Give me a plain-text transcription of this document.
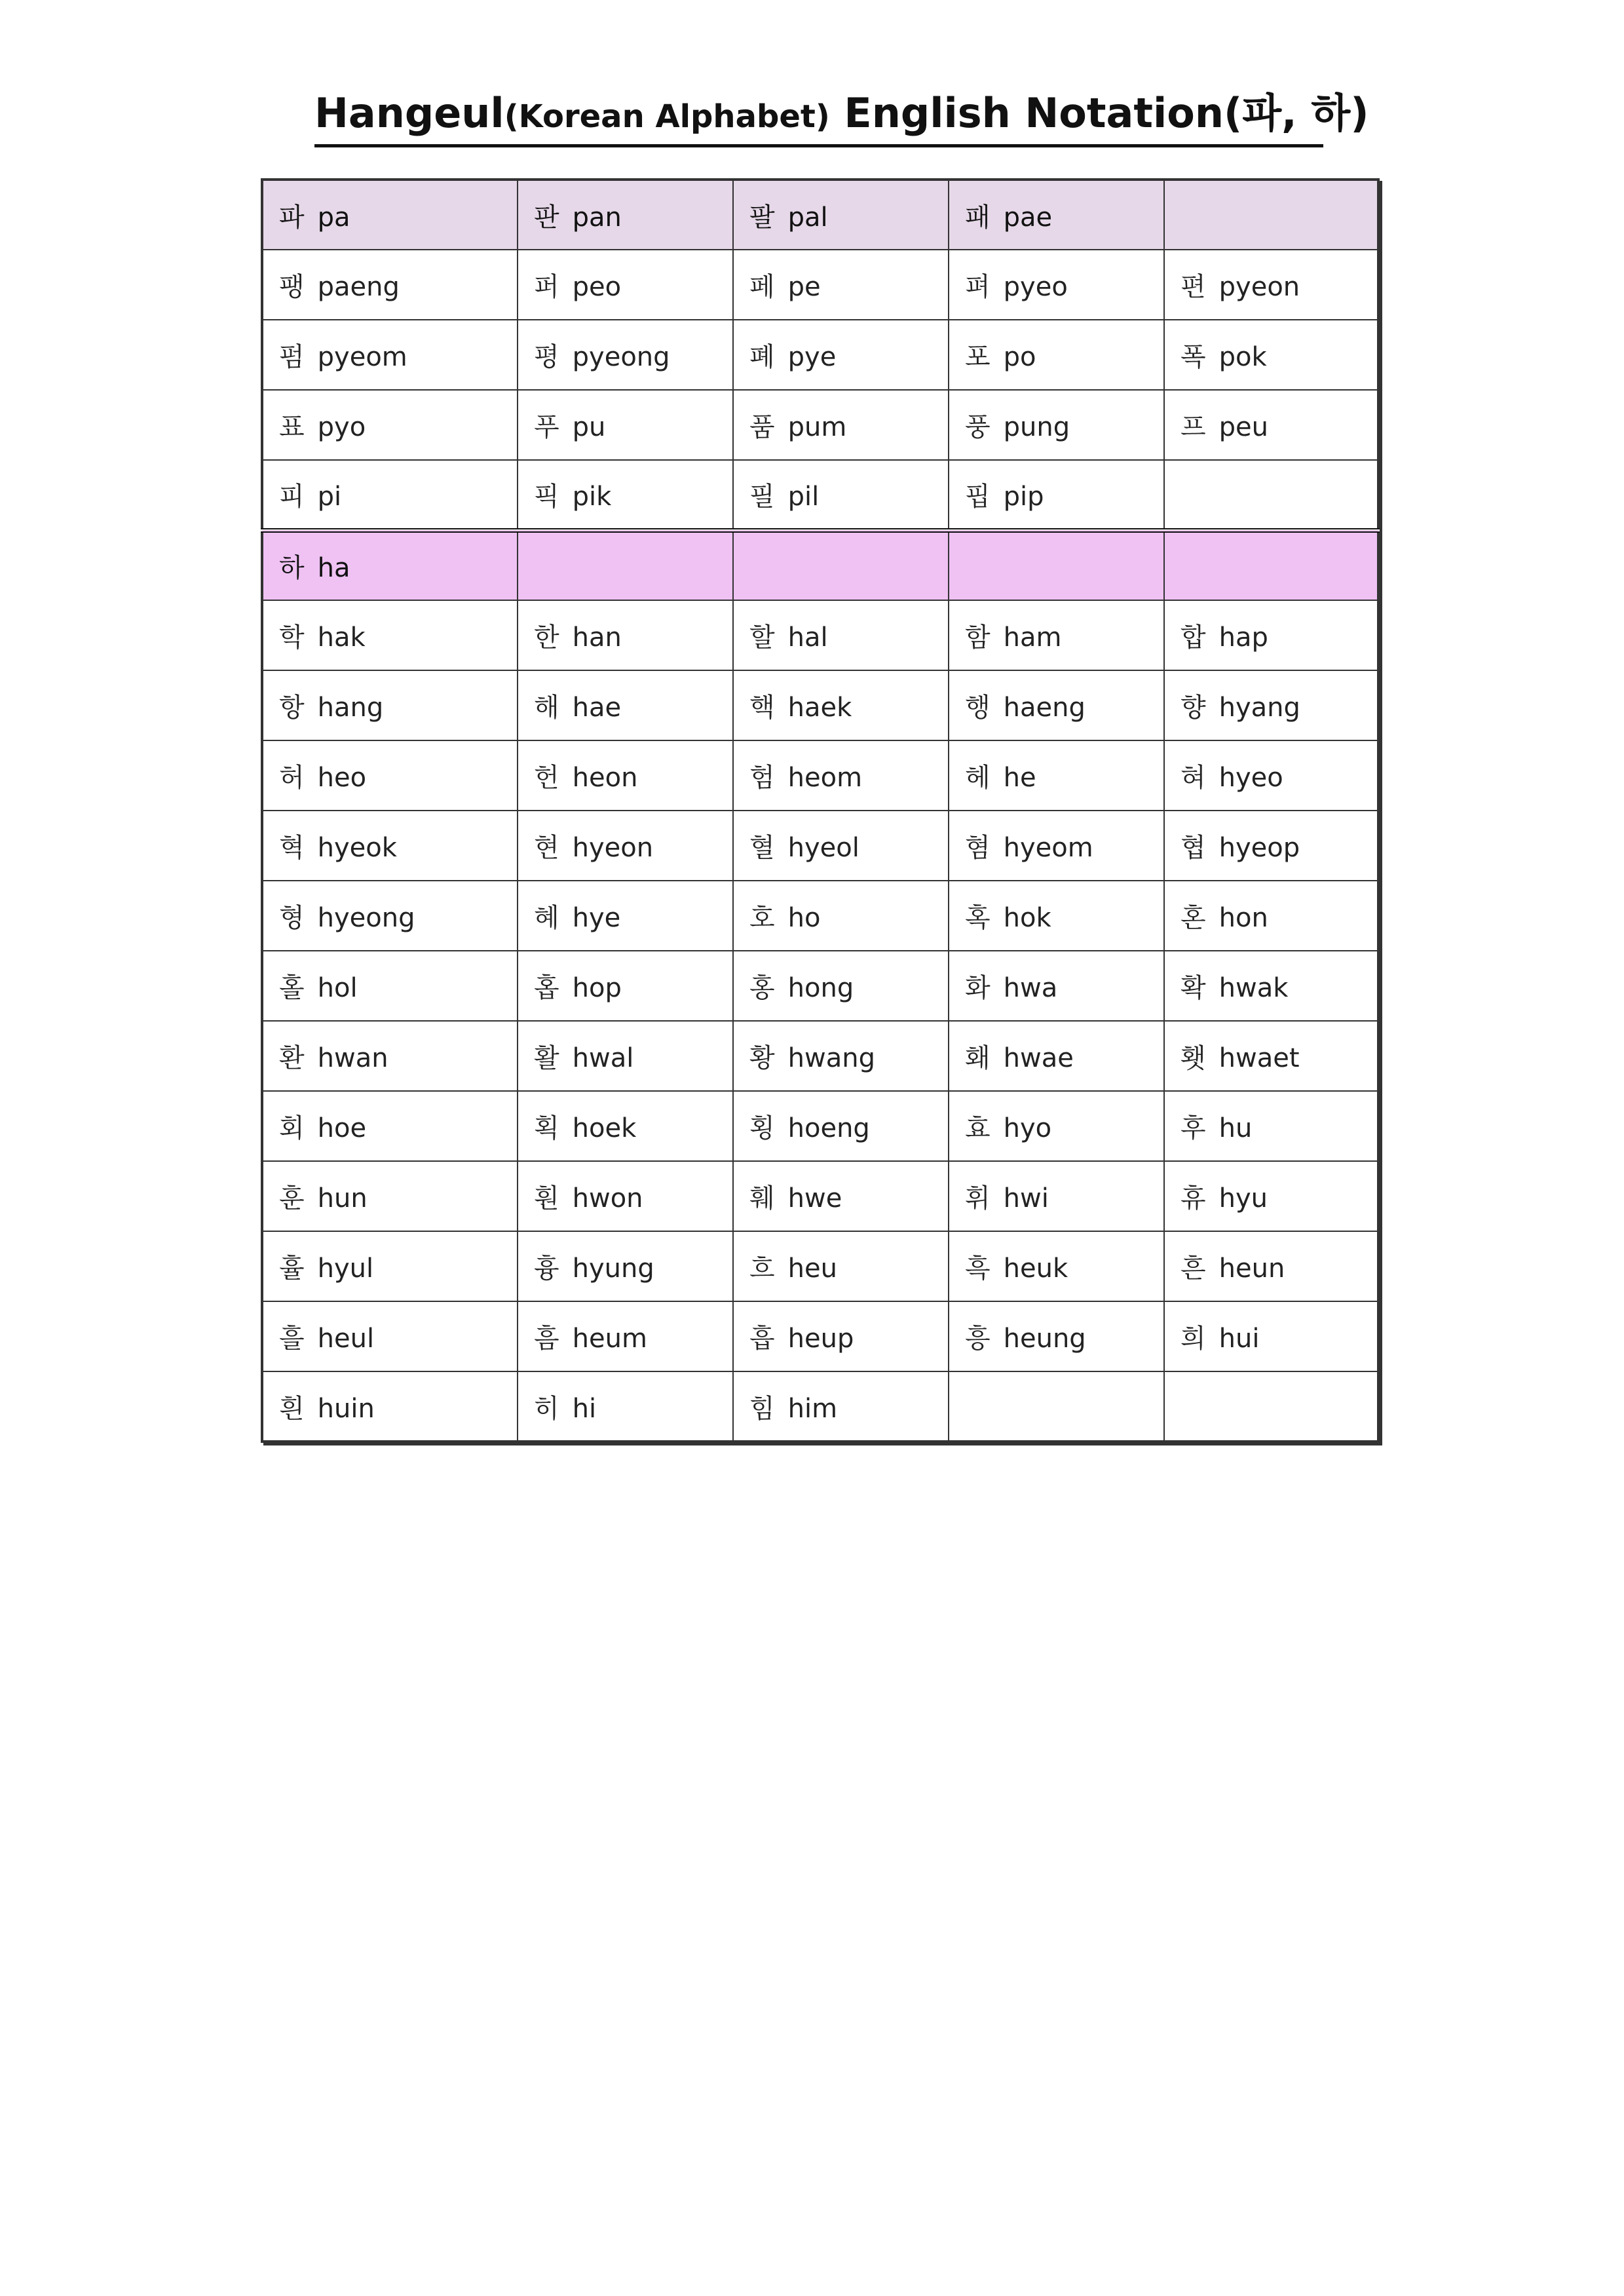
Hangeul(Korean Alphabet) English Notation(파, 하)
파 pa	판 pan	팔 pal	패 pae	
팽 paeng	퍼 peo	페 pe	펴 pyeo	편 pyeon
펌 pyeom	평 pyeong	폐 pye	포 po	폭 pok
표 pyo	푸 pu	품 pum	풍 pung	프 peu
피 pi	픽 pik	필 pil	핍 pip	
하 ha				
학 hak	한 han	할 hal	함 ham	합 hap
항 hang	해 hae	핵 haek	행 haeng	향 hyang
허 heo	헌 heon	험 heom	헤 he	혀 hyeo
혁 hyeok	현 hyeon	혈 hyeol	혐 hyeom	협 hyeop
형 hyeong	혜 hye	호 ho	혹 hok	혼 hon
홀 hol	홉 hop	홍 hong	화 hwa	확 hwak
환 hwan	활 hwal	황 hwang	홰 hwae	횃 hwaet
회 hoe	획 hoek	횡 hoeng	효 hyo	후 hu
훈 hun	훤 hwon	훼 hwe	휘 hwi	휴 hyu
휼 hyul	흉 hyung	흐 heu	흑 heuk	흔 heun
흘 heul	흠 heum	흡 heup	흥 heung	희 hui
흰 huin	히 hi	힘 him		
